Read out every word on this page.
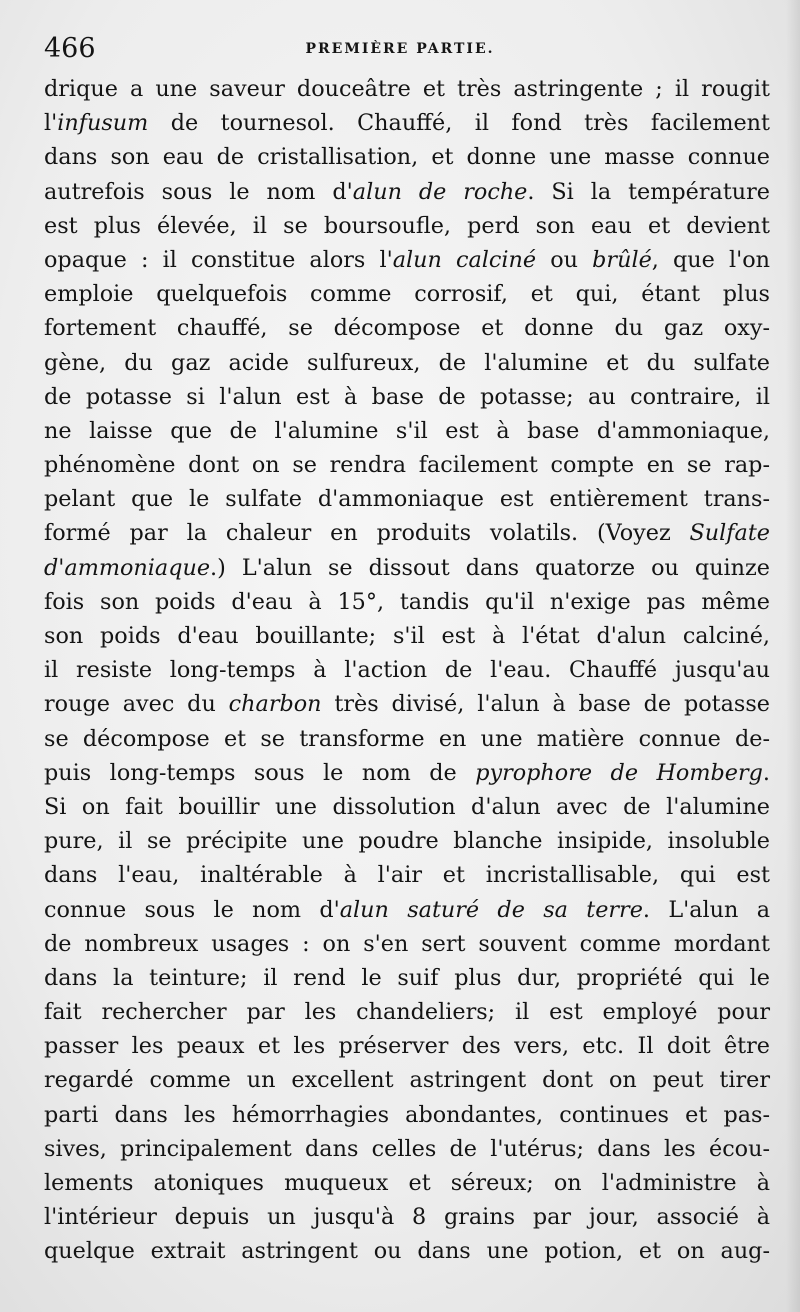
466	PREMIÈRE PARTIE.
drique a une saveur douceâtre et très astringente ; il rougit
l'infusum de tournesol. Chauffé, il fond très facilement
dans son eau de cristallisation, et donne une masse connue
autrefois sous le nom d'alun de roche. Si la température
est plus élevée, il se boursoufle, perd son eau et devient
opaque : il constitue alors l'alun calciné ou brûlé, que l'on
emploie quelquefois comme corrosif, et qui, étant plus
fortement chauffé, se décompose et donne du gaz oxy-
gène, du gaz acide sulfureux, de l'alumine et du sulfate
de potasse si l'alun est à base de potasse; au contraire, il
ne laisse que de l'alumine s'il est à base d'ammoniaque,
phénomène dont on se rendra facilement compte en se rap-
pelant que le sulfate d'ammoniaque est entièrement trans-
formé par la chaleur en produits volatils. (Voyez Sulfate
d'ammoniaque.) L'alun se dissout dans quatorze ou quinze
fois son poids d'eau à 15°, tandis qu'il n'exige pas même
son poids d'eau bouillante; s'il est à l'état d'alun calciné,
il resiste long-temps à l'action de l'eau. Chauffé jusqu'au
rouge avec du charbon très divisé, l'alun à base de potasse
se décompose et se transforme en une matière connue de-
puis long-temps sous le nom de pyrophore de Homberg.
Si on fait bouillir une dissolution d'alun avec de l'alumine
pure, il se précipite une poudre blanche insipide, insoluble
dans l'eau, inaltérable à l'air et incristallisable, qui est
connue sous le nom d'alun saturé de sa terre. L'alun a
de nombreux usages : on s'en sert souvent comme mordant
dans la teinture; il rend le suif plus dur, propriété qui le
fait rechercher par les chandeliers; il est employé pour
passer les peaux et les préserver des vers, etc. Il doit être
regardé comme un excellent astringent dont on peut tirer
parti dans les hémorrhagies abondantes, continues et pas-
sives, principalement dans celles de l'utérus; dans les écou-
lements atoniques muqueux et séreux; on l'administre à
l'intérieur depuis un jusqu'à 8 grains par jour, associé à
quelque extrait astringent ou dans une potion, et on aug-
